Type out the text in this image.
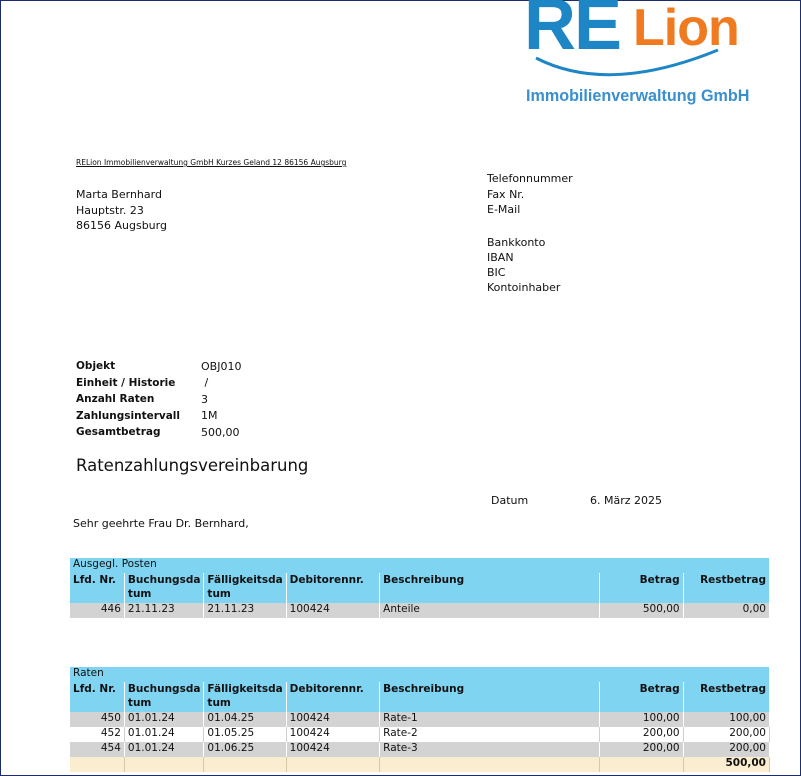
RE Lion
Immobilienverwaltung GmbH
RELion Immobilienverwaltung GmbH Kurzes Geland 12 86156 Augsburg
Marta Bernhard
Hauptstr. 23
86156 Augsburg
Telefonnummer
Fax Nr.
E-Mail
Bankkonto
IBAN
BIC
Kontoinhaber
Objekt	OBJ010
Einheit / Historie	/
Anzahl Raten	3
Zahlungsintervall	1M
Gesamtbetrag	500,00
Ratenzahlungsvereinbarung
Datum	6. März 2025
Sehr geehrte Frau Dr. Bernhard,
Ausgegl. Posten						
Lfd. Nr.	Buchungsda tum	Fälligkeitsda tum	Debitorennr.	Beschreibung	Betrag	Restbetrag
446	21.11.23	21.11.23	100424	Anteile	500,00	0,00
Raten						
Lfd. Nr.	Buchungsda tum	Fälligkeitsda tum	Debitorennr.	Beschreibung	Betrag	Restbetrag
450	01.01.24	01.04.25	100424	Rate-1	100,00	100,00
452	01.01.24	01.05.25	100424	Rate-2	200,00	200,00
454	01.01.24	01.06.25	100424	Rate-3	200,00	200,00
						500,00
